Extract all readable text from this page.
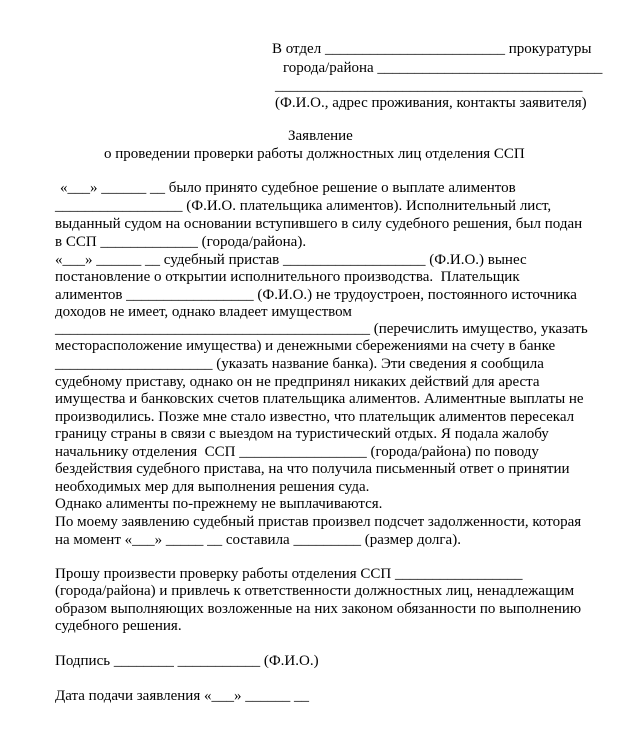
В отдел ________________________ прокуратуры
города/района ______________________________
_________________________________________
(Ф.И.О., адрес проживания, контакты заявителя)
Заявление
о проведении проверки работы должностных лиц отделения ССП
«___» ______ __ было принято судебное решение о выплате алиментов
_________________ (Ф.И.О. плательщика алиментов). Исполнительный лист,
выданный судом на основании вступившего в силу судебного решения, был подан
в ССП _____________ (города/района).
«___» ______ __ судебный пристав ___________________ (Ф.И.О.) вынес
постановление о открытии исполнительного производства.  Плательщик
алиментов _________________ (Ф.И.О.) не трудоустроен, постоянного источника
доходов не имеет, однако владеет имуществом
__________________________________________ (перечислить имущество, указать
месторасположение имущества) и денежными сбережениями на счету в банке
_____________________ (указать название банка). Эти сведения я сообщила
судебному приставу, однако он не предпринял никаких действий для ареста
имущества и банковских счетов плательщика алиментов. Алиментные выплаты не
производились. Позже мне стало известно, что плательщик алиментов пересекал
границу страны в связи с выездом на туристический отдых. Я подала жалобу
начальнику отделения  ССП _________________ (города/района) по поводу
бездействия судебного пристава, на что получила письменный ответ о принятии
необходимых мер для выполнения решения суда.
Однако алименты по-прежнему не выплачиваются.
По моему заявлению судебный пристав произвел подсчет задолженности, которая
на момент «___» _____ __ составила _________ (размер долга).
Прошу произвести проверку работы отделения ССП _________________
(города/района) и привлечь к ответственности должностных лиц, ненадлежащим
образом выполняющих возложенные на них законом обязанности по выполнению
судебного решения.
Подпись ________ ___________ (Ф.И.О.)
Дата подачи заявления «___» ______ __
